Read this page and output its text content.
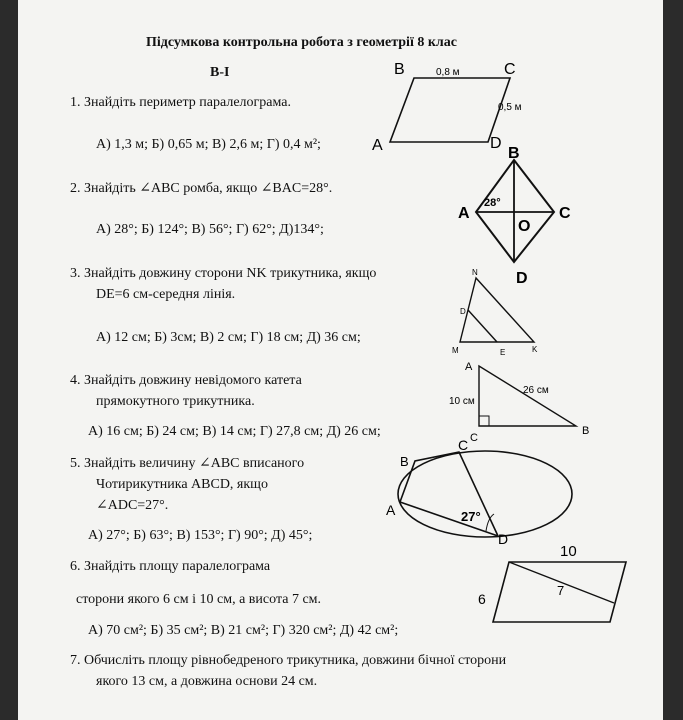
Підсумкова контрольна робота з геометрії 8 клас
В-І
1. Знайдіть периметр паралелограма.
А) 1,3 м; Б) 0,65 м; В) 2,6 м; Г) 0,4 м²;
2. Знайдіть ∠ABC ромба, якщо ∠BAC=28°.
А) 28°; Б) 124°; В) 56°; Г) 62°; Д)134°;
3. Знайдіть довжину сторони NK трикутника, якщо
DE=6 см-середня лінія.
А) 12 см; Б) 3см; В) 2 см; Г) 18 см; Д) 36 см;
4. Знайдіть довжину невідомого катета
прямокутного трикутника.
А) 16 см; Б) 24 см; В) 14 см; Г) 27,8 см; Д) 26 см;
5. Знайдіть величину ∠ABC вписаного
Чотирикутника ABCD, якщо
∠ADC=27°.
А) 27°; Б) 63°; В) 153°; Г) 90°; Д) 45°;
6. Знайдіть площу паралелограма
сторони якого 6 см і 10 см, а висота 7 см.
А) 70 см²; Б) 35 см²; В) 21 см²; Г) 320 см²; Д) 42 см²;
7. Обчисліть площу рівнобедреного трикутника, довжини бічної сторони
якого 13 см, а довжина основи 24 см.
B	C
A	D
0,8 м
0,5 м
B
A	C
D
O
28°
N
D
M	E	K
A
C
B
10 см
26 см
B
C
A
D
27°
10
6
7
